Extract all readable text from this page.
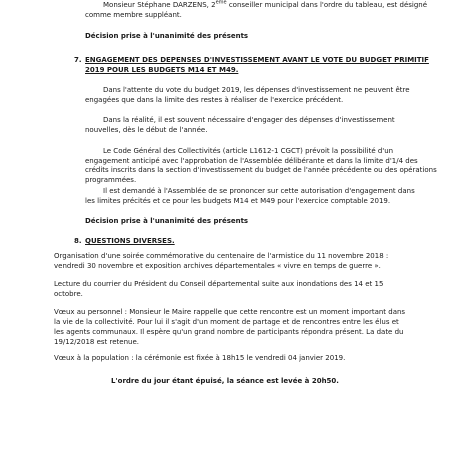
Monsieur Stéphane DARZENS, 2ème conseiller municipal dans l'ordre du tableau, est désigné

comme membre suppléant.

Décision prise à l'unanimité des présents

7. ENGAGEMENT DES DEPENSES D'INVESTISSEMENT AVANT LE VOTE DU BUDGET PRIMITIF

2019 POUR LES BUDGETS M14 ET M49.

Dans l'attente du vote du budget 2019, les dépenses d'investissement ne peuvent être

engagées que dans la limite des restes à réaliser de l'exercice précédent.

Dans la réalité, il est souvent nécessaire d'engager des dépenses d'investissement

nouvelles, dès le début de l'année.

Le Code Général des Collectivités (article L1612-1 CGCT) prévoit la possibilité d'un

engagement anticipé avec l'approbation de l'Assemblée délibérante et dans la limite d'1/4 des

crédits inscrits dans la section d'investissement du budget de l'année précédente ou des opérations

programmées.

Il est demandé à l'Assemblée de se prononcer sur cette autorisation d'engagement dans

les limites précités et ce pour les budgets M14 et M49 pour l'exercice comptable 2019.

Décision prise à l'unanimité des présents

8. QUESTIONS DIVERSES.

Organisation d'une soirée commémorative du centenaire de l'armistice du 11 novembre 2018 :

vendredi 30 novembre et exposition archives départementales « vivre en temps de guerre ».

Lecture du courrier du Président du Conseil départemental suite aux inondations des 14 et 15

octobre.

Vœux au personnel : Monsieur le Maire rappelle que cette rencontre est un moment important dans

la vie de la collectivité. Pour lui il s'agit d'un moment de partage et de rencontres entre les élus et

les agents communaux. Il espère qu'un grand nombre de participants répondra présent. La date du

19/12/2018 est retenue.

Vœux à la population : la cérémonie est fixée à 18h15 le vendredi 04 janvier 2019.

L'ordre du jour étant épuisé, la séance est levée à 20h50.
